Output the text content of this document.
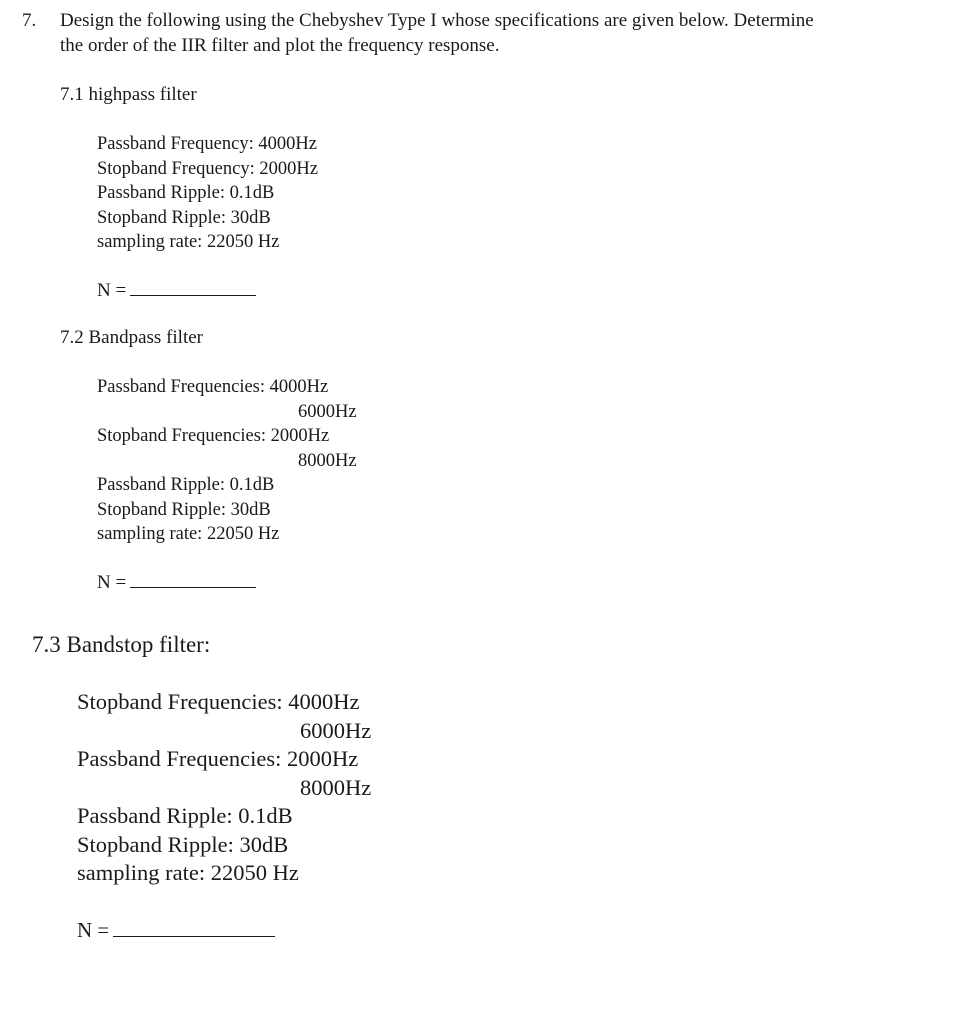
7. Design the following using the Chebyshev Type I whose specifications are given below. Determine
the order of the IIR filter and plot the frequency response.
7.1 highpass filter
Passband Frequency: 4000Hz
Stopband Frequency: 2000Hz
Passband Ripple: 0.1dB
Stopband Ripple: 30dB
sampling rate: 22050 Hz
N =
7.2 Bandpass filter
Passband Frequencies: 4000Hz
6000Hz
Stopband Frequencies: 2000Hz
8000Hz
Passband Ripple: 0.1dB
Stopband Ripple: 30dB
sampling rate: 22050 Hz
N =
7.3 Bandstop filter:
Stopband Frequencies: 4000Hz
6000Hz
Passband Frequencies: 2000Hz
8000Hz
Passband Ripple: 0.1dB
Stopband Ripple: 30dB
sampling rate: 22050 Hz
N =
